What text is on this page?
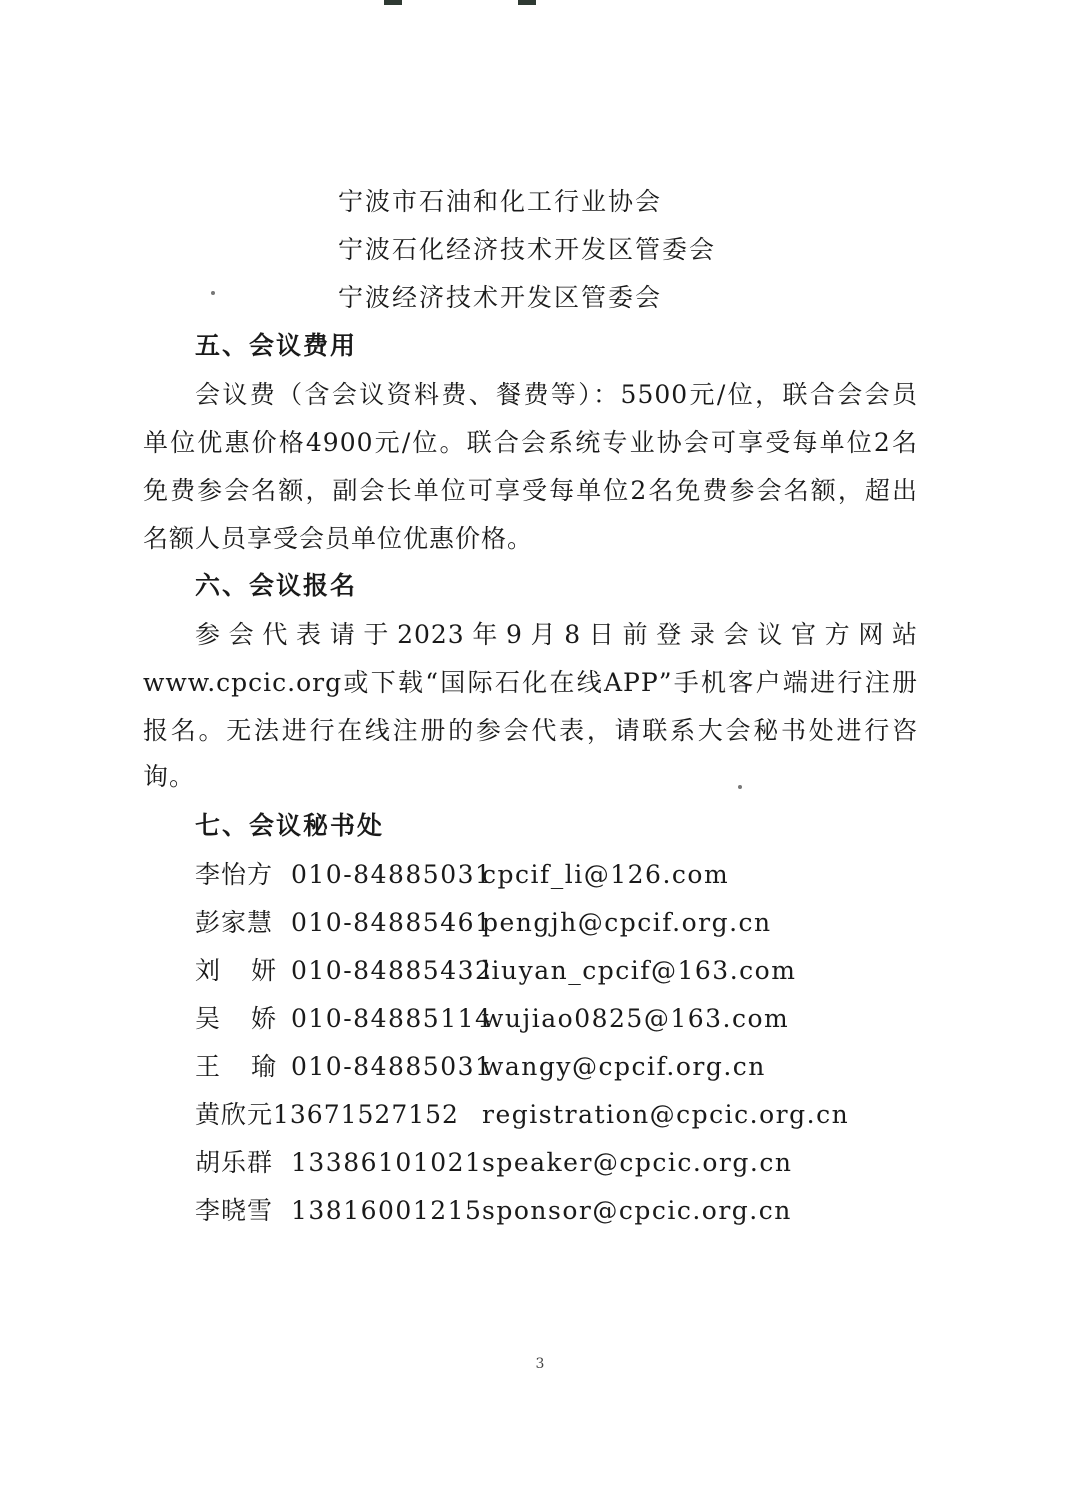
宁波市石油和化工行业协会
宁波石化经济技术开发区管委会
宁波经济技术开发区管委会
五、会议费用
会议费（含会议资料费、餐费等）：5500元/位，联合会会员
单位优惠价格4900元/位。联合会系统专业协会可享受每单位2名
免费参会名额，副会长单位可享受每单位2名免费参会名额，超出
名额人员享受会员单位优惠价格。
六、会议报名
参会代表请于2023年9月8日前登录会议官方网站
www.cpcic.org或下载“国际石化在线APP”手机客户端进行注册
报名。无法进行在线注册的参会代表，请联系大会秘书处进行咨
询。
七、会议秘书处
李怡方 010-84885031
cpcif_li@126.com
彭家慧 010-84885461
pengjh@cpcif.org.cn
刘妍 010-84885432
liuyan_cpcif@163.com
吴娇 010-84885114
wujiao0825@163.com
王瑜 010-84885031
wangy@cpcif.org.cn
黄欣元13671527152 registration@cpcic.org.cn
胡乐群 13386101021 speaker@cpcic.org.cn
李晓雪 13816001215 sponsor@cpcic.org.cn
3
